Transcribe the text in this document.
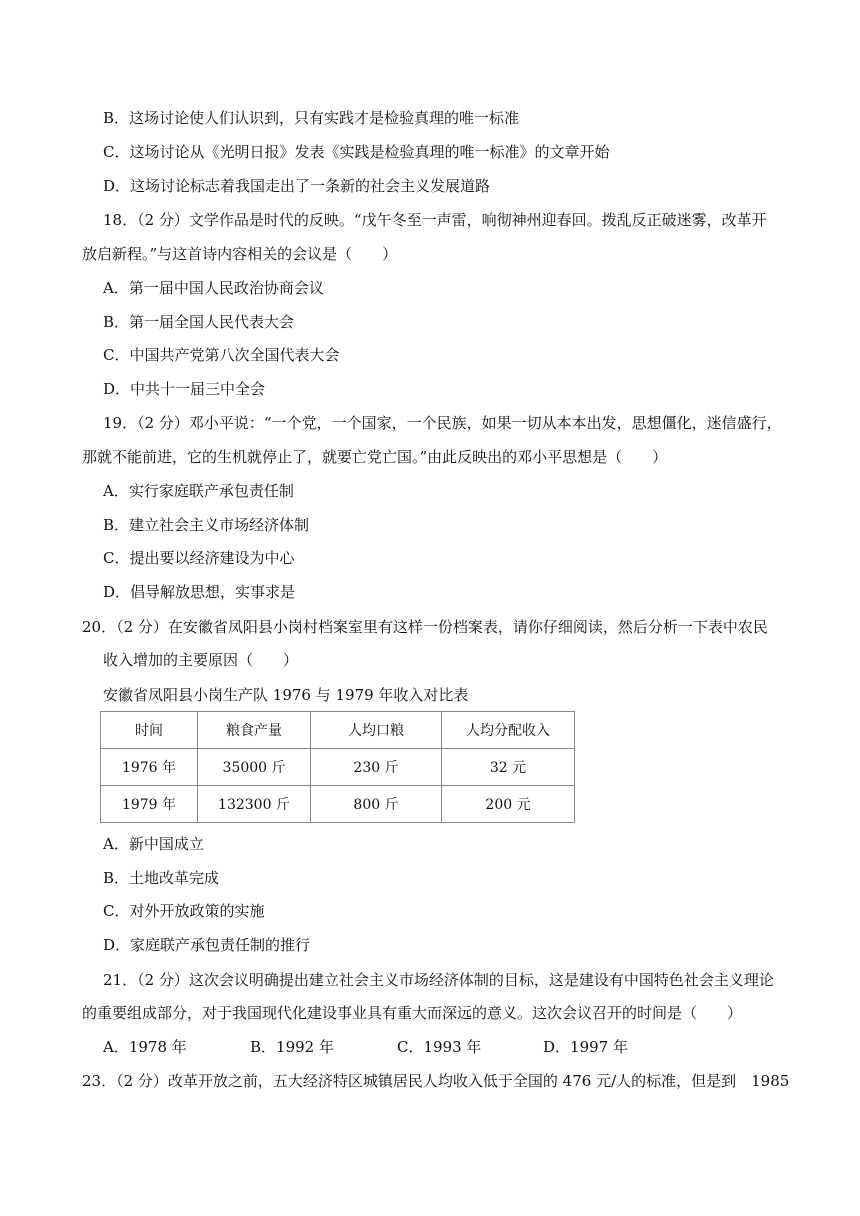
B．这场讨论使人们认识到，只有实践才是检验真理的唯一标准
C．这场讨论从《光明日报》发表《实践是检验真理的唯一标准》的文章开始
D．这场讨论标志着我国走出了一条新的社会主义发展道路
18．（2 分）文学作品是时代的反映。“戊午冬至一声雷，响彻神州迎春回。拨乱反正破迷雾，改革开
放启新程。”与这首诗内容相关的会议是（　　）
A．第一届中国人民政治协商会议
B．第一届全国人民代表大会
C．中国共产党第八次全国代表大会
D．中共十一届三中全会
19．（2 分）邓小平说：“一个党，一个国家，一个民族，如果一切从本本出发，思想僵化，迷信盛行，
那就不能前进，它的生机就停止了，就要亡党亡国。”由此反映出的邓小平思想是（　　）
A．实行家庭联产承包责任制
B．建立社会主义市场经济体制
C．提出要以经济建设为中心
D．倡导解放思想，实事求是
20．（2 分）在安徽省凤阳县小岗村档案室里有这样一份档案表，请你仔细阅读，然后分析一下表中农民
收入增加的主要原因（　　）
安徽省凤阳县小岗生产队 1976 与 1979 年收入对比表
时间	粮食产量	人均口粮	人均分配收入
1976 年	35000 斤	230 斤	32 元
1979 年	132300 斤	800 斤	200 元
A．新中国成立
B．土地改革完成
C．对外开放政策的实施
D．家庭联产承包责任制的推行
21．（2 分）这次会议明确提出建立社会主义市场经济体制的目标，这是建设有中国特色社会主义理论
的重要组成部分，对于我国现代化建设事业具有重大而深远的意义。这次会议召开的时间是（　　）
A．1978 年	B．1992 年	C．1993 年	D．1997 年
23．（2 分）改革开放之前，五大经济特区城镇居民人均收入低于全国的 476 元/人的标准，但是到　1985
